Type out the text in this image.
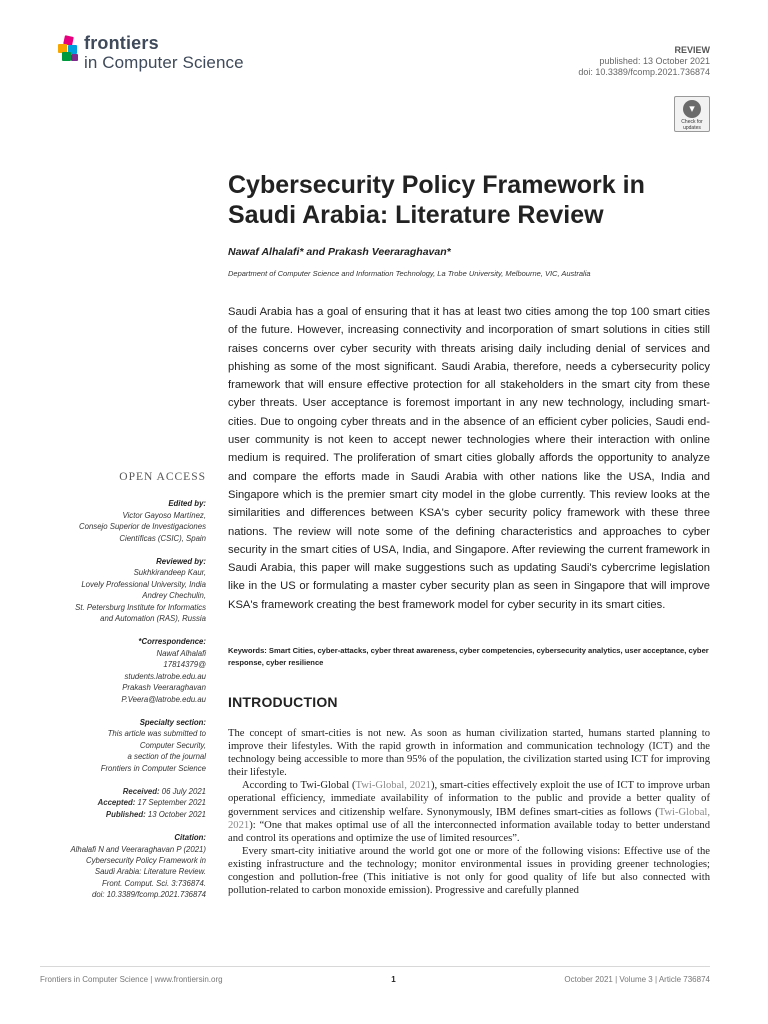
frontiers
in Computer Science
REVIEW
published: 13 October 2021
doi: 10.3389/fcomp.2021.736874
▾
Check for updates
Cybersecurity Policy Framework in Saudi Arabia: Literature Review
Nawaf Alhalafi* and Prakash Veeraraghavan*
Department of Computer Science and Information Technology, La Trobe University, Melbourne, VIC, Australia
Saudi Arabia has a goal of ensuring that it has at least two cities among the top 100 smart cities of the future. However, increasing connectivity and incorporation of smart solutions in cities still raises concerns over cyber security with threats arising daily including denial of services and phishing as some of the most significant. Saudi Arabia, therefore, needs a cybersecurity policy framework that will ensure effective protection for all stakeholders in the smart city from these cyber threats. User acceptance is foremost important in any new technology, including smart-cities. Due to ongoing cyber threats and in the absence of an efficient cyber policies, Saudi end-user community is not keen to accept newer technologies where their interaction with online medium is required. The proliferation of smart cities globally affords the opportunity to analyze and compare the efforts made in Saudi Arabia with other nations like the USA, India and Singapore which is the premier smart city model in the globe currently. This review looks at the similarities and differences between KSA's cyber security policy framework with these three nations. The review will note some of the defining characteristics and approaches to cyber security in the smart cities of USA, India, and Singapore. After reviewing the current framework in Saudi Arabia, this paper will make suggestions such as updating Saudi's cybercrime legislation like in the US or formulating a master cyber security plan as seen in Singapore that will improve KSA's framework creating the best framework model for cyber security in its smart cities.
Keywords: Smart Cities, cyber-attacks, cyber threat awareness, cyber competencies, cybersecurity analytics, user acceptance, cyber response, cyber resilience
INTRODUCTION

The concept of smart-cities is not new. As soon as human civilization started, humans started planning to improve their lifestyles. With the rapid growth in information and communication technology (ICT) and the technology being accessible to more than 95% of the population, the civilization started using ICT for improving their lifestyle.

According to Twi-Global (Twi-Global, 2021), smart-cities effectively exploit the use of ICT to improve urban operational efficiency, immediate availability of information to the public and provide a better quality of government services and citizenship welfare. Synonymously, IBM defines smart-cities as follows (Twi-Global, 2021): “One that makes optimal use of all the interconnected information available today to better understand and control its operations and optimize the use of limited resources”.

Every smart-city initiative around the world got one or more of the following visions: Effective use of the existing infrastructure and the technology; monitor environmental issues in providing greener technologies; congestion and pollution-free (This initiative is not only for good quality of life but also connected with pollution-related to carbon monoxide emission). Progressive and carefully planned

OPEN ACCESS
Edited by:
Victor Gayoso Martínez,
Consejo Superior de Investigaciones
Científicas (CSIC), Spain
Reviewed by:
Sukhkirandeep Kaur,
Lovely Professional University, India
Andrey Chechulin,
St. Petersburg Institute for Informatics
and Automation (RAS), Russia
*Correspondence:
Nawaf Alhalafi
17814379@
students.latrobe.edu.au
Prakash Veeraraghavan
P.Veera@latrobe.edu.au
Specialty section:
This article was submitted to
Computer Security,
a section of the journal
Frontiers in Computer Science
Received: 06 July 2021
Accepted: 17 September 2021
Published: 13 October 2021
Citation:
Alhalafi N and Veeraraghavan P (2021)
Cybersecurity Policy Framework in
Saudi Arabia: Literature Review.
Front. Comput. Sci. 3:736874.
doi: 10.3389/fcomp.2021.736874
Frontiers in Computer Science | www.frontiersin.org	1	October 2021 | Volume 3 | Article 736874
